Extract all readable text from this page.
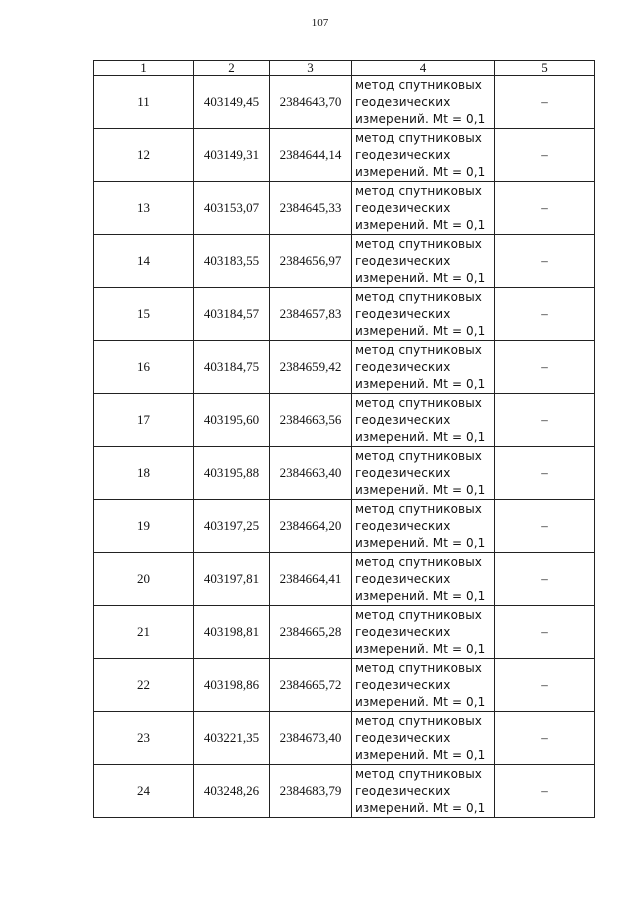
107
1	2	3	4	5
11	403149,45	2384643,70	метод спутниковых
геодезических
измерений. Mt = 0,1	–
12	403149,31	2384644,14	метод спутниковых
геодезических
измерений. Mt = 0,1	–
13	403153,07	2384645,33	метод спутниковых
геодезических
измерений. Mt = 0,1	–
14	403183,55	2384656,97	метод спутниковых
геодезических
измерений. Mt = 0,1	–
15	403184,57	2384657,83	метод спутниковых
геодезических
измерений. Mt = 0,1	–
16	403184,75	2384659,42	метод спутниковых
геодезических
измерений. Mt = 0,1	–
17	403195,60	2384663,56	метод спутниковых
геодезических
измерений. Mt = 0,1	–
18	403195,88	2384663,40	метод спутниковых
геодезических
измерений. Mt = 0,1	–
19	403197,25	2384664,20	метод спутниковых
геодезических
измерений. Mt = 0,1	–
20	403197,81	2384664,41	метод спутниковых
геодезических
измерений. Mt = 0,1	–
21	403198,81	2384665,28	метод спутниковых
геодезических
измерений. Mt = 0,1	–
22	403198,86	2384665,72	метод спутниковых
геодезических
измерений. Mt = 0,1	–
23	403221,35	2384673,40	метод спутниковых
геодезических
измерений. Mt = 0,1	–
24	403248,26	2384683,79	метод спутниковых
геодезических
измерений. Mt = 0,1	–
